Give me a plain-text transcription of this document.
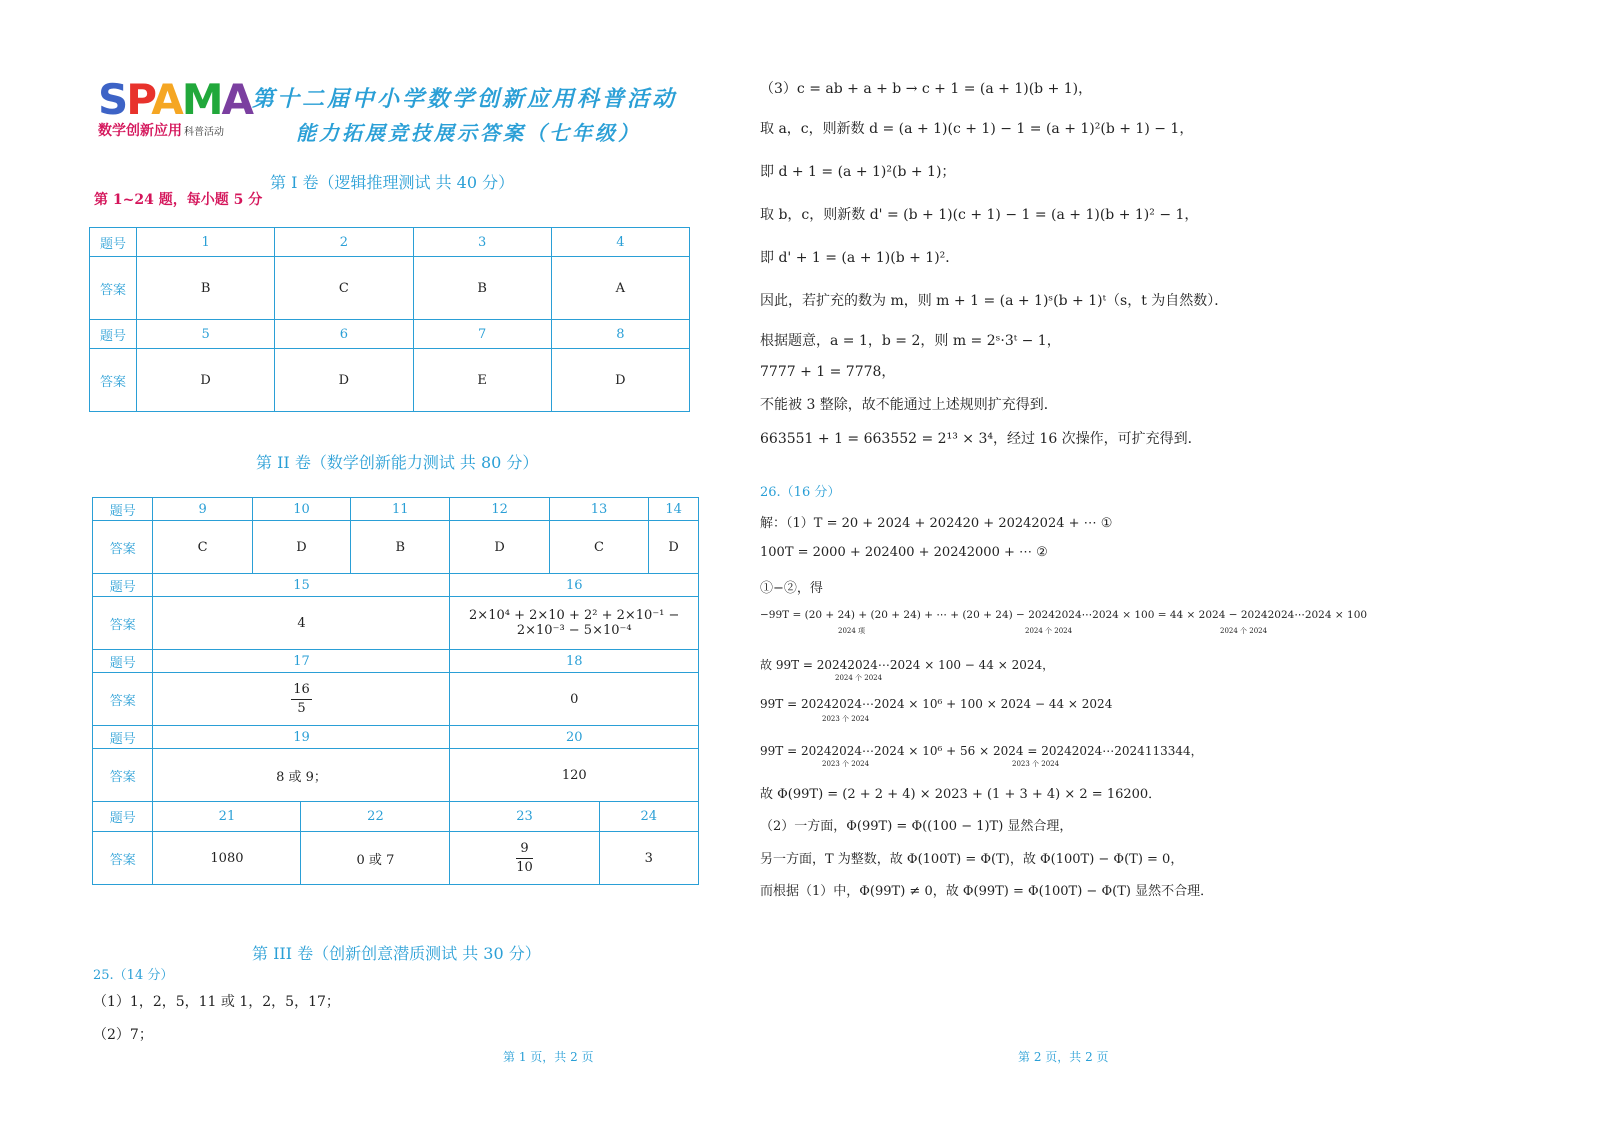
SPAMA
数学创新应用 科普活动
第十二届中小学数学创新应用科普活动
能力拓展竞技展示答案（七年级）
第 I 卷（逻辑推理测试 共 40 分）
第 1~24 题，每小题 5 分
题号	1	2	3	4
答案	B	C	B	A
题号	5	6	7	8
答案	D	D	E	D
第 II 卷（数学创新能力测试 共 80 分）
题号	9	10		11	12	13		14
答案	C	D		B	D	C		D
题号	15				16			
答案	4				2×10⁴ + 2×10 + 2² + 2×10⁻¹ − 2×10⁻³ − 5×10⁻⁴			
题号	17				18			
答案	$\frac{16}{5}$				0			
题号	19				20			
答案	8 或 9；				120			
题号	21		22		23		24	
答案	1080		0 或 7		$\frac{9}{10}$		3	
第 III 卷（创新创意潜质测试 共 30 分）
25.（14 分）
（1）1，2，5，11 或 1，2，5，17；
（2）7；
第 1 页，共 2 页
（3）c = ab + a + b → c + 1 = (a + 1)(b + 1)，
取 a，c，则新数 d = (a + 1)(c + 1) − 1 = (a + 1)²(b + 1) − 1，
即 d + 1 = (a + 1)²(b + 1)；
取 b，c，则新数 d' = (b + 1)(c + 1) − 1 = (a + 1)(b + 1)² − 1，
即 d' + 1 = (a + 1)(b + 1)²．
因此，若扩充的数为 m，则 m + 1 = (a + 1)ˢ(b + 1)ᵗ（s，t 为自然数）．
根据题意，a = 1，b = 2，则 m = 2ˢ·3ᵗ − 1，
7777 + 1 = 7778，
不能被 3 整除，故不能通过上述规则扩充得到．
663551 + 1 = 663552 = 2¹³ × 3⁴，经过 16 次操作，可扩充得到．
26.（16 分）
解：（1）T = 20 + 2024 + 202420 + 20242024 + ⋯ ①
100T = 2000 + 202400 + 20242000 + ⋯ ②
①−②，得
−99T = (20 + 24) + (20 + 24) + ⋯ + (20 + 24) − 20242024⋯2024 × 100 = 44 × 2024 − 20242024⋯2024 × 100
2024 项	2024 个 2024	2024 个 2024
故 99T = 20242024⋯2024 × 100 − 44 × 2024，
2024 个 2024
99T = 20242024⋯2024 × 10⁶ + 100 × 2024 − 44 × 2024
2023 个 2024
99T = 20242024⋯2024 × 10⁶ + 56 × 2024 = 20242024⋯2024113344，
2023 个 2024	2023 个 2024
故 Φ(99T) = (2 + 2 + 4) × 2023 + (1 + 3 + 4) × 2 = 16200．
（2）一方面，Φ(99T) = Φ((100 − 1)T) 显然合理，
另一方面，T 为整数，故 Φ(100T) = Φ(T)，故 Φ(100T) − Φ(T) = 0，
而根据（1）中，Φ(99T) ≠ 0，故 Φ(99T) = Φ(100T) − Φ(T) 显然不合理．
第 2 页，共 2 页
